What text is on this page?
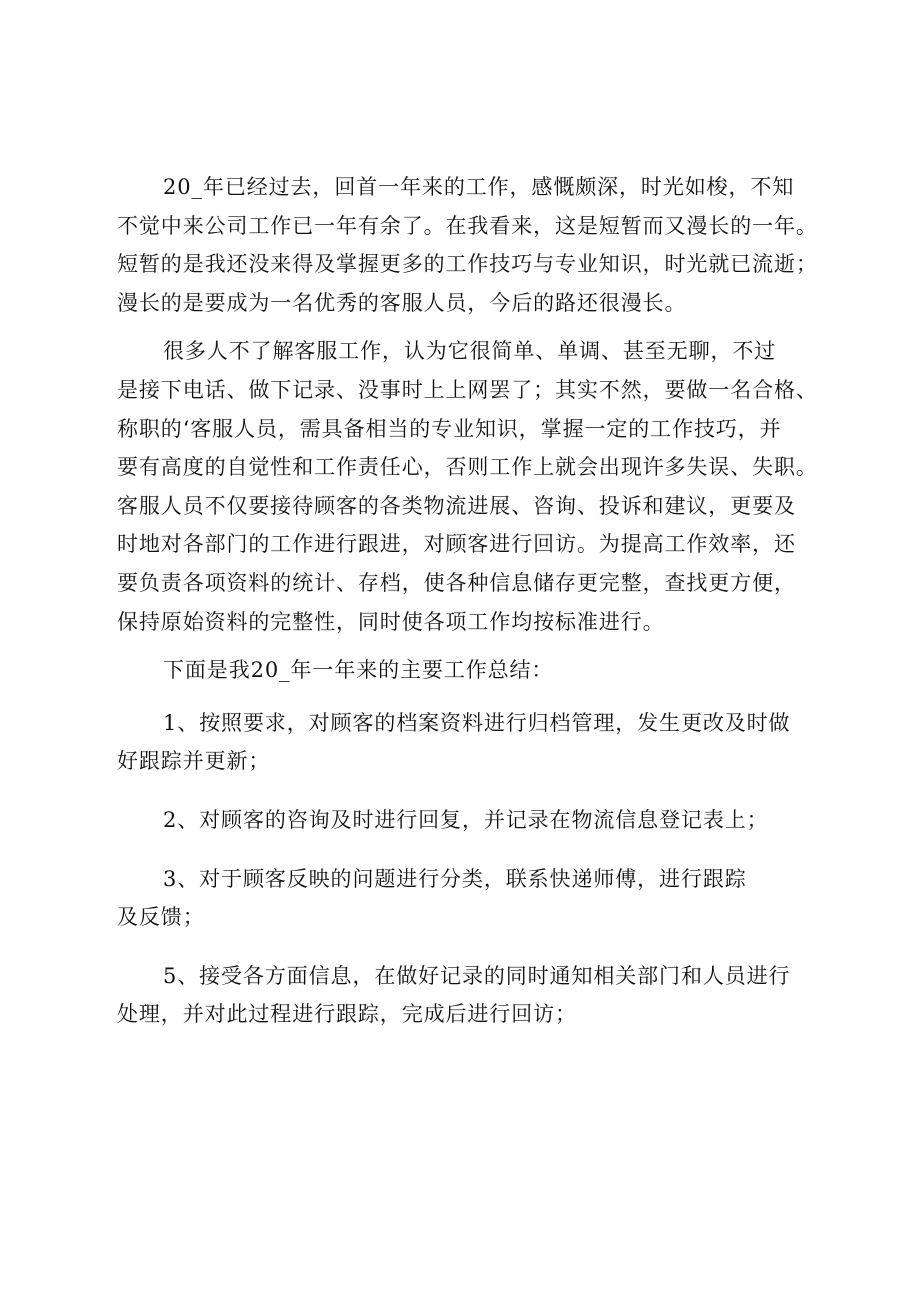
20_年已经过去，回首一年来的工作，感慨颇深，时光如梭，不知
不觉中来公司工作已一年有余了。在我看来，这是短暂而又漫长的一年。
短暂的是我还没来得及掌握更多的工作技巧与专业知识，时光就已流逝；
漫长的是要成为一名优秀的客服人员，今后的路还很漫长。

很多人不了解客服工作，认为它很简单、单调、甚至无聊，不过
是接下电话、做下记录、没事时上上网罢了；其实不然，要做一名合格、
称职的‘客服人员，需具备相当的专业知识，掌握一定的工作技巧，并
要有高度的自觉性和工作责任心，否则工作上就会出现许多失误、失职。
客服人员不仅要接待顾客的各类物流进展、咨询、投诉和建议，更要及
时地对各部门的工作进行跟进，对顾客进行回访。为提高工作效率，还
要负责各项资料的统计、存档，使各种信息储存更完整，查找更方便，
保持原始资料的完整性，同时使各项工作均按标准进行。

下面是我20_年一年来的主要工作总结：

1、按照要求，对顾客的档案资料进行归档管理，发生更改及时做
好跟踪并更新；

2、对顾客的咨询及时进行回复，并记录在物流信息登记表上；

3、对于顾客反映的问题进行分类，联系快递师傅，进行跟踪
及反馈；

5、接受各方面信息，在做好记录的同时通知相关部门和人员进行
处理，并对此过程进行跟踪，完成后进行回访；
